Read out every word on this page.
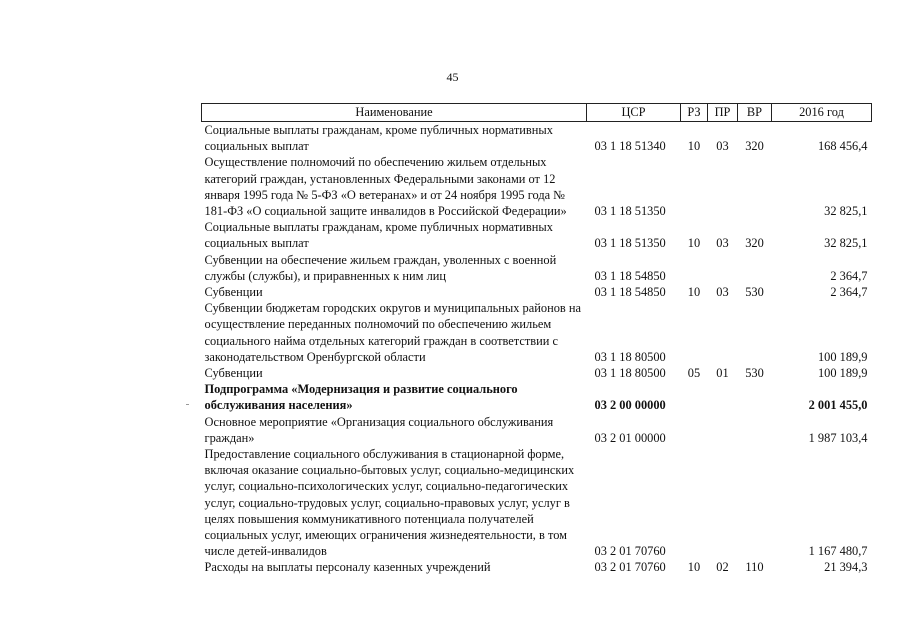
45
Наименование	ЦСР	РЗ	ПР	ВР	2016 год
Социальные выплаты гражданам, кроме публичных нормативных социальных выплат	03 1 18 51340	10	03	320	168 456,4
Осуществление полномочий по обеспечению жильем отдельных категорий граждан, установленных Федеральными законами от 12 января 1995 года № 5-ФЗ «О ветеранах» и от 24 ноября 1995 года № 181-ФЗ «О социальной защите инвалидов в Российской Федерации»	03 1 18 51350				32 825,1
Социальные выплаты гражданам, кроме публичных нормативных социальных выплат	03 1 18 51350	10	03	320	32 825,1
Субвенции на обеспечение жильем граждан, уволенных с военной службы (службы), и приравненных к ним лиц	03 1 18 54850				2 364,7
Субвенции	03 1 18 54850	10	03	530	2 364,7
Субвенции бюджетам городских округов и муниципальных районов на осуществление переданных полномочий по обеспечению жильем социального найма отдельных категорий граждан в соответствии с законодательством Оренбургской области	03 1 18 80500				100 189,9
Субвенции	03 1 18 80500	05	01	530	100 189,9
Подпрограмма «Модернизация и развитие социального обслуживания населения»	03 2 00 00000				2 001 455,0
Основное мероприятие «Организация социального обслуживания граждан»	03 2 01 00000				1 987 103,4
Предоставление социального обслуживания в стационарной форме, включая оказание социально-бытовых услуг, социально-медицинских услуг, социально-психологических услуг, социально-педагогических услуг, социально-трудовых услуг, социально-правовых услуг, услуг в целях повышения коммуникативного потенциала получателей социальных услуг, имеющих ограничения жизнедеятельности, в том числе детей-инвалидов	03 2 01 70760				1 167 480,7
Расходы на выплаты персоналу казенных учреждений	03 2 01 70760	10	02	110	21 394,3
